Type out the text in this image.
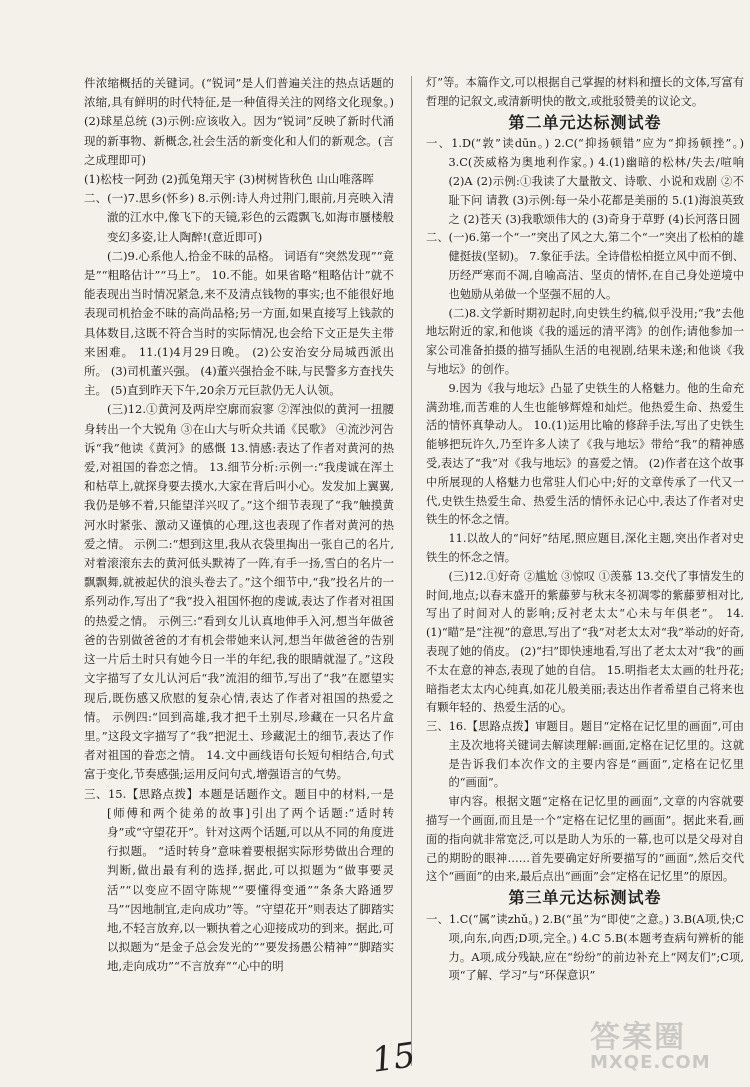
件浓缩概括的关键词。(“锐词”是人们普遍关注的热点话题的浓缩,具有鲜明的时代特征,是一种值得关注的网络文化现象。) (2)球星总统 (3)示例:应该收入。因为“锐词”反映了新时代涌现的新事物、新概念,社会生活的新变化和人们的新观念。(言之成理即可)

(1)松枝一阿劲 (2)孤兔翔天宇 (3)树树皆秋色 山山唯落晖

二、(一)7.思乡(怀乡) 8.示例:诗人舟过荆门,眼前,月亮映入清澈的江水中,像飞下的天镜,彩色的云霞飘飞,如海市蜃楼般变幻多姿,让人陶醉!(意近即可)

(二)9.心系他人,拾金不昧的品格。 词语有“突然发现”“竟是”“粗略估计”“马上”。 10.不能。如果省略“粗略估计”就不能表现出当时情况紧急,来不及清点钱物的事实;也不能很好地表现司机拾金不昧的高尚品格;另一方面,如果直接写上钱款的具体数目,这既不符合当时的实际情况,也会给下文正是失主带来困难。 11.(1)4月29日晚。 (2)公安治安分局城西派出所。 (3)司机董兴强。 (4)董兴强拾金不昧,与民警多方查找失主。 (5)直到昨天下午,20余万元巨款仍无人认领。

(三)12.①黄河及两岸空廓而寂寥 ②浑浊似的黄河一扭腰身转出一个大锐角 ③在山大与听众共诵《民歌》 ④流沙河告诉“我”他读《黄河》的感慨 13.情感:表达了作者对黄河的热爱,对祖国的眷恋之情。 13.细节分析:示例一:“我虔诚在浑土和枯草上,就探身要去摸水,大家在背后叫小心。发发加上翼翼,我仍是够不着,只能望洋兴叹了。”这个细节表现了“我”触摸黄河水时紧张、激动又谨慎的心理,这也表现了作者对黄河的热爱之情。 示例二:“想到这里,我从衣袋里掏出一张自己的名片,对着滚滚东去的黄河低头默祷了一阵,有手一扬,雪白的名片一飘飘舞,就被起伏的浪头卷去了。”这个细节中,“我”投名片的一系列动作,写出了“我”投入祖国怀抱的虔诚,表达了作者对祖国的热爱之情。 示例三:“看到女儿认真地伸手入河,想当年做爸爸的告别做爸爸的才有机会带她来认河,想当年做爸爸的告别这一片后土时只有她今日一半的年纪,我的眼睛就湿了。”这段文字描写了女儿认河后“我”流泪的细节,写出了“我”在愿望实现后,既伤感又欣慰的复杂心情,表达了作者对祖国的热爱之情。 示例四:“回到高雄,我才把千土别尽,珍藏在一只名片盒里。”这段文字描写了“我”把泥土、珍藏泥土的细节,表达了作者对祖国的眷恋之情。 14.文中画线语句长短句相结合,句式富于变化,节奏感强;运用反问句式,增强语言的气势。

三、15.【思路点拨】本题是话题作文。题目中的材料,一是[师傅和两个徒弟的故事]引出了两个话题:“适时转身”或“守望花开”。针对这两个话题,可以从不同的角度进行拟题。 “适时转身”意味着要根据实际形势做出合理的判断,做出最有利的选择,据此,可以拟题为“做事要灵活”“以变应不固守陈规”“要懂得变通”“条条大路通罗马”“因地制宜,走向成功”等。“守望花开”则表达了脚踏实地,不轻言放弃,以一颗执着之心迎接成功的到来。据此,可以拟题为“是金子总会发光的”“要发扬愚公精神”“脚踏实地,走向成功”“不言放弃”“心中的明

灯”等。本篇作文,可以根据自己掌握的材料和擅长的文体,写富有哲理的记叙文,或清新明快的散文,或批驳赞美的议论文。

第二单元达标测试卷

一、1.D(“敦”读dūn。) 2.C(“抑扬顿错”应为“抑扬顿挫”。) 3.C(茨威格为奥地利作家。) 4.(1)幽暗的松林/失去/喧响 (2)A (2)示例:①我读了大量散文、诗歌、小说和戏剧 ②不耻下问 请教 (3)示例:每一朵小花都是美丽的 5.(1)海浪英致之 (2)苍天 (3)我歌颂伟大的 (3)奇身于草野 (4)长河落日圆

二、(一)6.第一个“一”突出了风之大,第二个“一”突出了松柏的雄健挺拔(坚韧)。 7.象征手法。全诗借松柏挺立风中而不倒、历经严寒而不凋,自喻高洁、坚贞的情怀,在自己身处逆境中也勉励从弟做一个坚强不屈的人。

(二)8.文学新时期初起时,向史铁生约稿,似乎没用;“我”去他地坛附近的家,和他谈《我的遥远的清平湾》的创作;请他参加一家公司准备拍摄的描写插队生活的电视剧,结果未遂;和他谈《我与地坛》的创作。

9.因为《我与地坛》凸显了史铁生的人格魅力。他的生命充满劲堆,而苦难的人生也能够辉煌和灿烂。他热爱生命、热爱生活的情怀真挚动人。 10.(1)运用比喻的修辞手法,写出了史铁生能够把玩许久,乃至许多人读了《我与地坛》带给“我”的精神感受,表达了“我”对《我与地坛》的喜爱之情。 (2)作者在这个故事中所展现的人格魅力也常驻人们心中;好的文章传承了一代又一代,史铁生热爱生命、热爱生活的情怀永记心中,表达了作者对史铁生的怀念之情。

11.以故人的“问好”结尾,照应题目,深化主题,突出作者对史铁生的怀念之情。

(三)12.①好奇 ②尴尬 ③惊叹 ①羡慕 13.交代了事情发生的时间,地点;以春末盛开的紫藤萝与秋末冬初凋零的紫藤萝相对比,写出了时间对人的影响;反衬老太太“心未与年俱老”。 14.(1)“瞄”是“注视”的意思,写出了“我”对老太太对“我”举动的好奇,表现了她的俏皮。 (2)“扫”即快速地看,写出了老太太对“我”的画不太在意的神态,表现了她的自信。 15.明指老太太画的牡丹花;暗指老太太内心纯真,如花儿般美丽;表达出作者希望自己将来也有颗年轻的、热爱生活的心。

三、16.【思路点拨】审题目。题目“定格在记忆里的画面”,可由主及次地将关键词去解读理解:画面,定格在记忆里的。这就是告诉我们本次作文的主要内容是“画面”,定格在记忆里的“画面”。

审内容。根据文题“定格在记忆里的画面”,文章的内容就要描写一个画面,而且是一个“定格在记忆里的画面”。据此来看,画面的指向就非常宽泛,可以是助人为乐的一幕,也可以是父母对自己的期盼的眼神……首先要确定好所要描写的“画面”,然后交代这个“画面”的由来,最后点出“画面”会“定格在记忆里”的原因。

第三单元达标测试卷

一、1.C(“属”读zhǔ。) 2.B(“虽”为“即使”之意。) 3.B(A项,快;C项,向东,向西;D项,完全。) 4.C 5.B(本题考查病句辨析的能力。A项,成分残缺,应在“纷纷”的前边补充上“网友们”;C项,项“了解、学习”与“环保意识”

15	答案圈
MXQE.COM
